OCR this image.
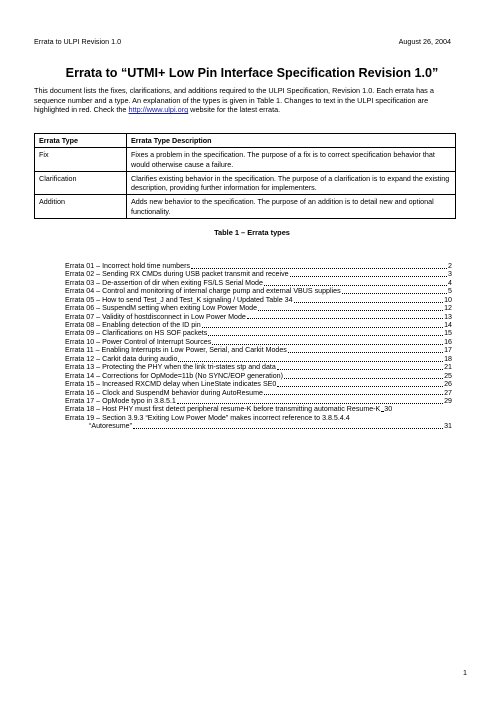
Errata to ULPI Revision 1.0	August 26, 2004
Errata to “UTMI+ Low Pin Interface Specification Revision 1.0”
This document lists the fixes, clarifications, and additions required to the ULPI Specification, Revision 1.0. Each errata has a sequence number and a type. An explanation of the types is given in Table 1. Changes to text in the ULPI specification are highlighted in red. Check the http://www.ulpi.org website for the latest errata.
Errata Type	Errata Type Description
Fix	Fixes a problem in the specification. The purpose of a fix is to correct specification behavior that would otherwise cause a failure.
Clarification	Clarifies existing behavior in the specification. The purpose of a clarification is to expand the existing description, providing further information for implementers.
Addition	Adds new behavior to the specification. The purpose of an addition is to detail new and optional functionality.
Table 1 – Errata types
Errata 01 – Incorrect hold time numbers	2
Errata 02 – Sending RX CMDs during USB packet transmit and receive	3
Errata 03 – De-assertion of dir when exiting FS/LS Serial Mode	4
Errata 04 – Control and monitoring of internal charge pump and external VBUS supplies	5
Errata 05 – How to send Test_J and Test_K signaling / Updated Table 34	10
Errata 06 – SuspendM setting when exiting Low Power Mode	12
Errata 07 – Validity of hostdisconnect in Low Power Mode	13
Errata 08 – Enabling detection of the ID pin	14
Errata 09 – Clarifications on HS SOF packets	15
Errata 10 – Power Control of Interrupt Sources	16
Errata 11 – Enabling Interrupts in Low Power, Serial, and Carkit Modes	17
Errata 12 – Carkit data during audio	18
Errata 13 – Protecting the PHY when the link tri-states stp and data	21
Errata 14 – Corrections for OpMode=11b (No SYNC/EOP generation)	25
Errata 15 – Increased RXCMD delay when LineState indicates SE0	26
Errata 16 – Clock and SuspendM behavior during AutoResume	27
Errata 17 – OpMode typo in 3.8.5.1	29
Errata 18 – Host PHY must first detect peripheral resume-K before transmitting automatic Resume-K 30
Errata 19 – Section 3.9.3 “Exiting Low Power Mode” makes incorrect reference to 3.8.5.4.4
“Autoresume”	31
1
